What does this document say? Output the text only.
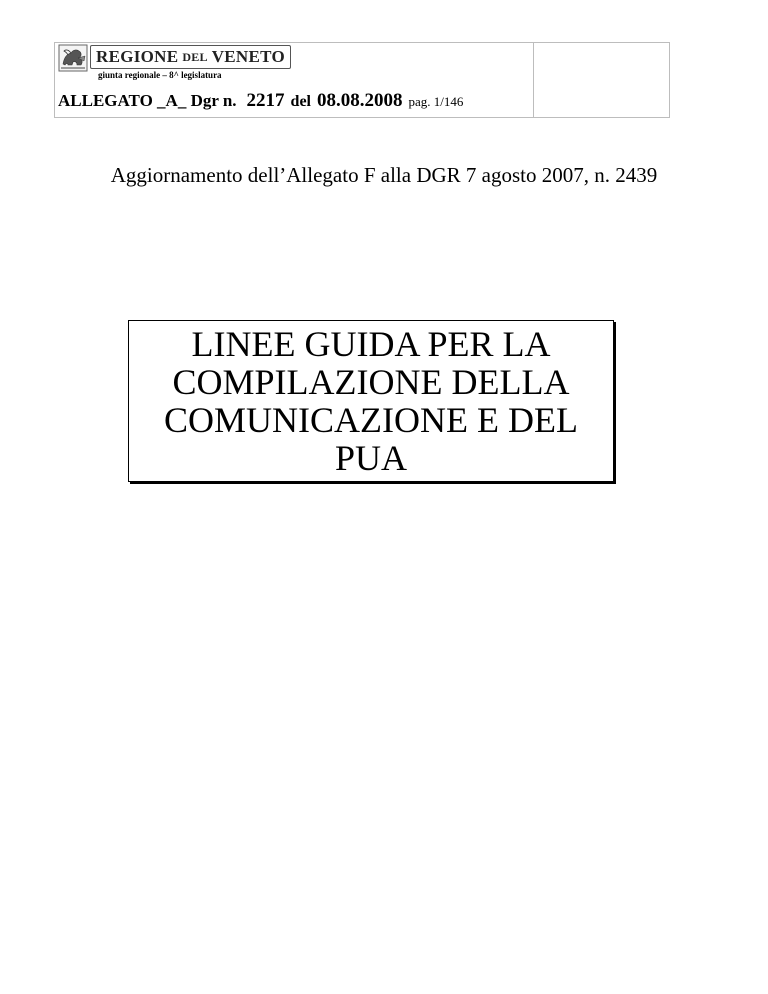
REGIONE DEL VENETO
giunta regionale – 8^ legislatura
ALLEGATO _A_ Dgr n. 2217 del 08.08.2008 pag. 1/146
Aggiornamento dell’Allegato F alla DGR 7 agosto 2007, n. 2439
LINEE GUIDA PER LA
COMPILAZIONE DELLA
COMUNICAZIONE E DEL
PUA
